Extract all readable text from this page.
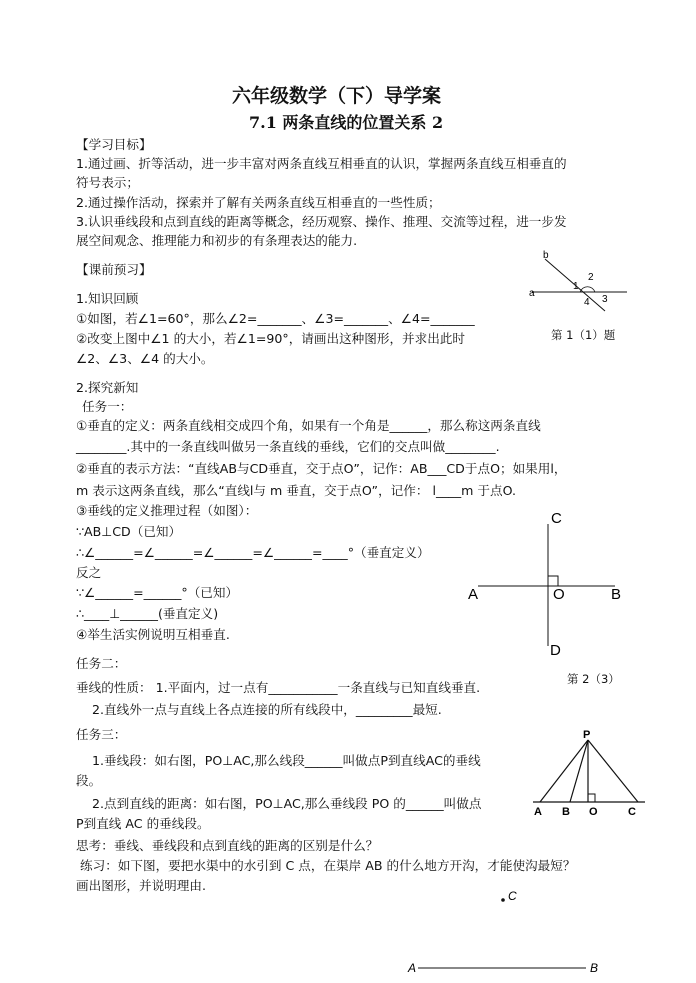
六年级数学（下）导学案
7.1 两条直线的位置关系 2
【学习目标】
1.通过画、折等活动，进一步丰富对两条直线互相垂直的认识，掌握两条直线互相垂直的
符号表示；
2.通过操作活动，探索并了解有关两条直线互相垂直的一些性质；
3.认识垂线段和点到直线的距离等概念，经历观察、操作、推理、交流等过程，进一步发
展空间观念、推理能力和初步的有条理表达的能力.
【课前预习】
1.知识回顾
①如图，若∠1=60°，那么∠2=_______、∠3=_______、∠4=_______
②改变上图中∠1 的大小，若∠1=90°，请画出这种图形，并求出此时
∠2、∠3、∠4 的大小。
b
a
1
2
3
4
第 1（1）题
2.探究新知
任务一：
①垂直的定义：两条直线相交成四个角，如果有一个角是______，那么称这两条直线
________.其中的一条直线叫做另一条直线的垂线，它们的交点叫做________.
②垂直的表示方法：“直线AB与CD垂直，交于点O”，记作：AB___CD于点O；如果用l，
m 表示这两条直线，那么“直线l与 m 垂直，交于点O”，记作： l____m 于点O.
③垂线的定义推理过程（如图）：
∵AB⊥CD（已知）
∴∠______=∠______=∠______=∠______=____°（垂直定义）
反之
∵∠______=______°（已知）
∴____⊥______(垂直定义)
④举生活实例说明互相垂直.
C
A	O	B
D
第 2（3）
任务二：
垂线的性质： 1.平面内，过一点有___________一条直线与已知直线垂直.
2.直线外一点与直线上各点连接的所有线段中，_________最短.
任务三：
1.垂线段：如右图，PO⊥AC,那么线段______叫做点P到直线AC的垂线
段。
2.点到直线的距离：如右图，PO⊥AC,那么垂线段 PO 的______叫做点
P到直线 AC 的垂线段。
P
A B O	C
思考：垂线、垂线段和点到直线的距离的区别是什么？
练习：如下图，要把水渠中的水引到 C 点，在渠岸 AB 的什么地方开沟，才能使沟最短？
画出图形，并说明理由.
C
A	B
